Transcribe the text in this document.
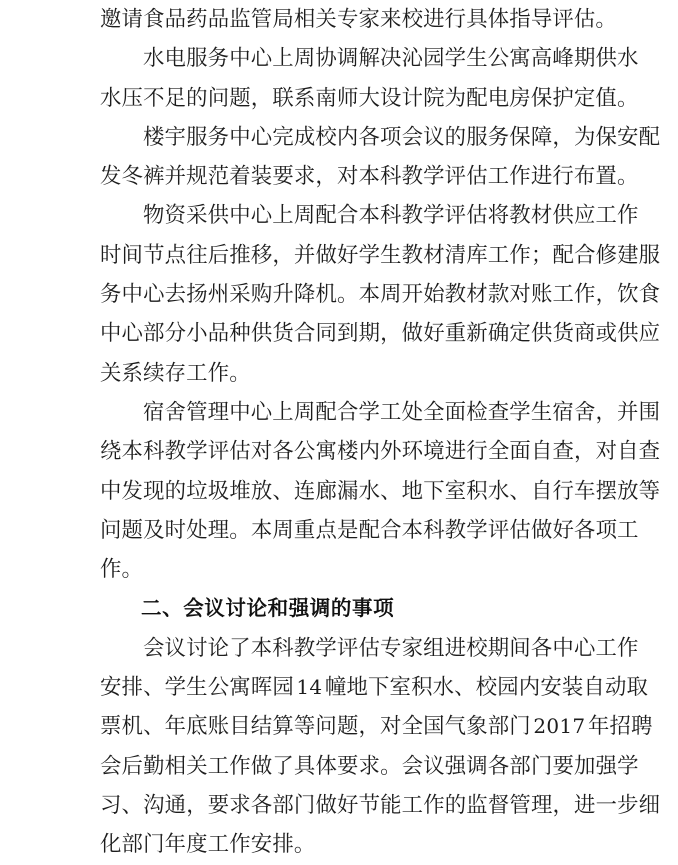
邀请食品药品监管局相关专家来校进行具体指导评估。
水 电 服 务 中 心 上 周 协 调 解 决 沁 园 学 生 公 寓 高 峰 期 供 水
水压不足的问题，联系南师大设计院为配电房保护定值。
楼 宇 服 务 中 心 完 成 校 内 各 项 会 议 的 服 务 保 障 ， 为 保 安 配
发冬裤并规范着装要求，对本科教学评估工作进行布置。
物 资 采 供 中 心 上 周 配 合 本 科 教 学 评 估 将 教 材 供 应 工 作
时 间 节 点 往 后 推 移 ， 并 做 好 学 生 教 材 清 库 工 作 ； 配 合 修 建 服
务 中 心 去 扬 州 采 购 升 降 机 。 本 周 开 始 教 材 款 对 账 工 作 ， 饮 食
中 心 部 分 小 品 种 供 货 合 同 到 期 ， 做 好 重 新 确 定 供 货 商 或 供 应
关系续存工作。
宿 舍 管 理 中 心 上 周 配 合 学 工 处 全 面 检 查 学 生 宿 舍 ， 并 围
绕 本 科 教 学 评 估 对 各 公 寓 楼 内 外 环 境 进 行 全 面 自 查 ， 对 自 查
中 发 现 的 垃 圾 堆 放 、 连 廊 漏 水 、 地 下 室 积 水 、 自 行 车 摆 放 等
问 题 及 时 处 理 。 本 周 重 点 是 配 合 本 科 教 学 评 估 做 好 各 项 工
作。
二、会议讨论和强调的事项
会 议 讨 论 了 本 科 教 学 评 估 专 家 组 进 校 期 间 各 中 心 工 作
安排、学生公寓晖园 14 幢地下室积水、校园内安装自动取
票机、年底账目结算等问题，对全国气象部门 2017 年招聘
会 后 勤 相 关 工 作 做 了 具 体 要 求 。 会 议 强 调 各 部 门 要 加 强 学
习 、 沟 通 ， 要 求 各 部 门 做 好 节 能 工 作 的 监 督 管 理 ， 进 一 步 细
化部门年度工作安排。
